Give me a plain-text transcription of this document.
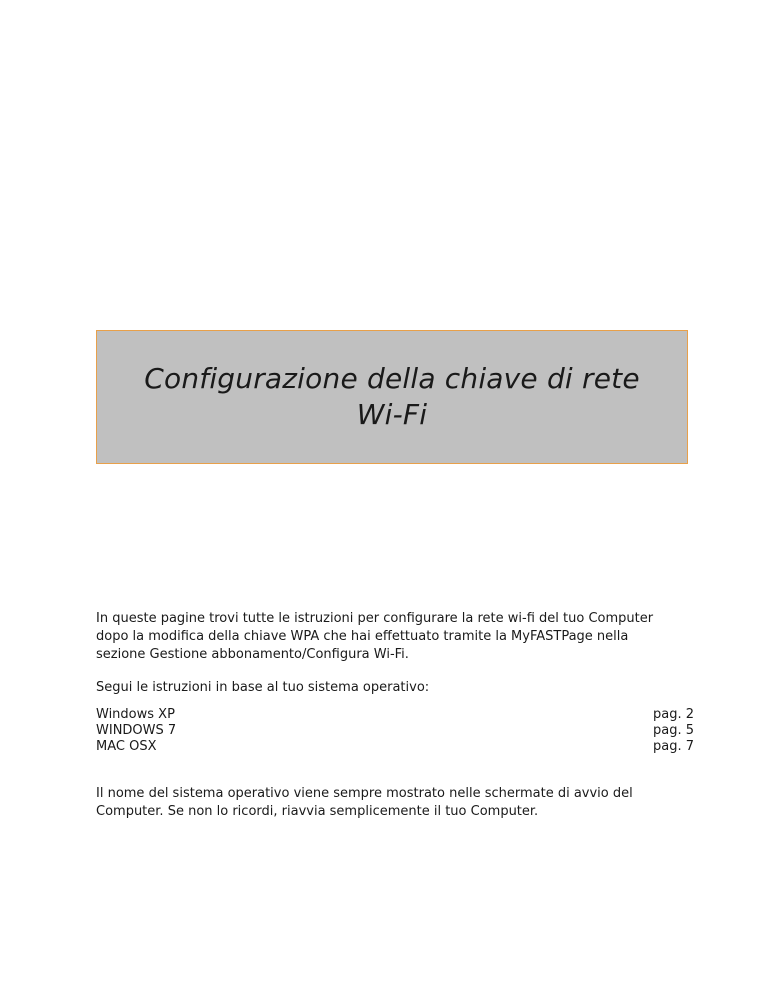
Configurazione della chiave di rete
Wi-Fi

In queste pagine trovi tutte le istruzioni per configurare la rete wi-fi del tuo Computer
dopo la modifica della chiave WPA che hai effettuato tramite la MyFASTPage nella
sezione Gestione abbonamento/Configura Wi-Fi.

Segui le istruzioni in base al tuo sistema operativo:

Windows XP	pag. 2
WINDOWS 7	pag. 5
MAC OSX	pag. 7

Il nome del sistema operativo viene sempre mostrato nelle schermate di avvio del
Computer. Se non lo ricordi, riavvia semplicemente il tuo Computer.
